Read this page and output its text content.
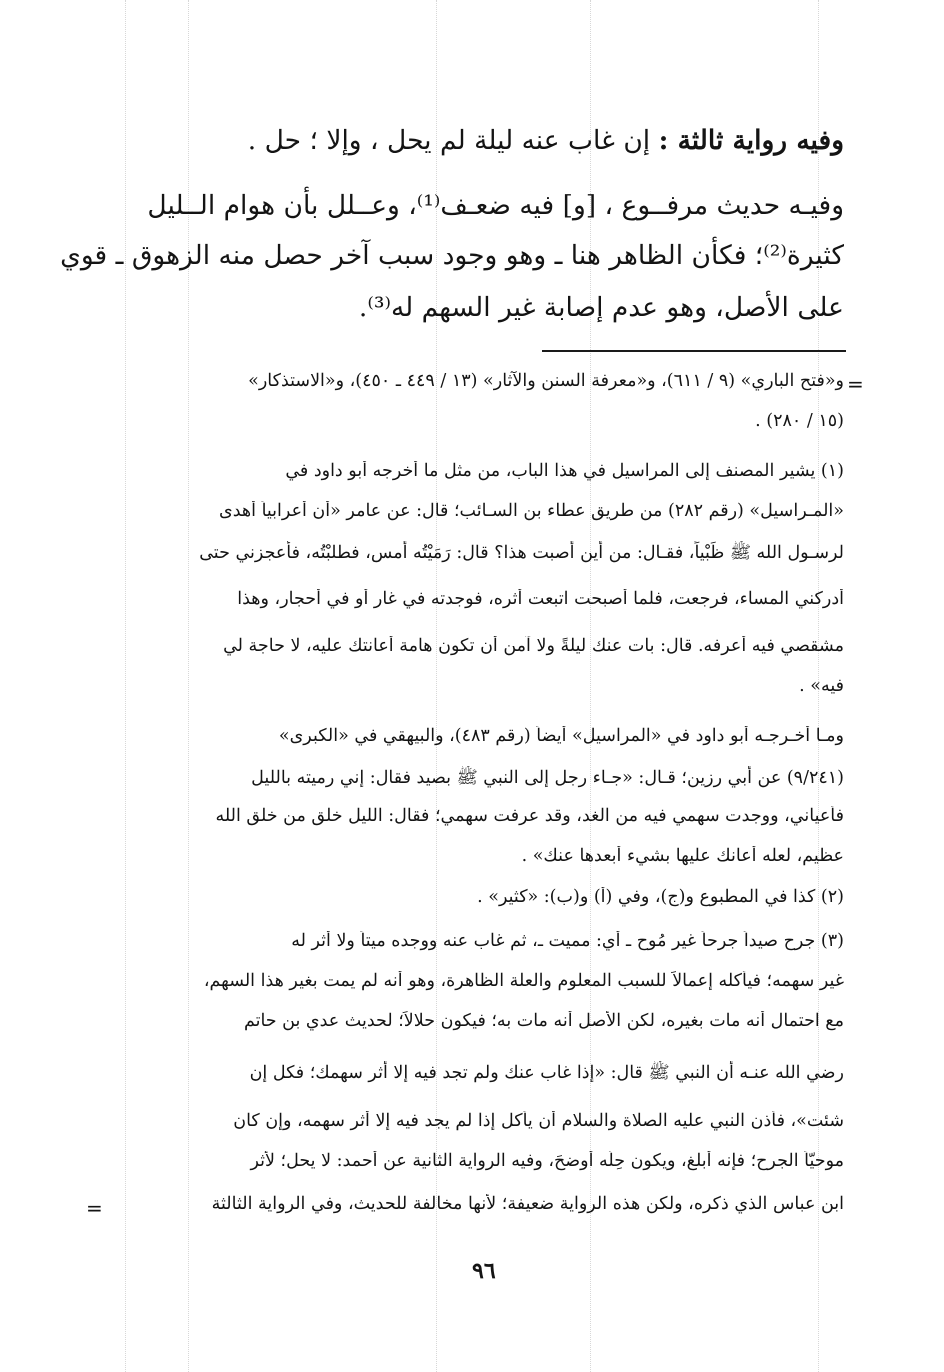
وفيه رواية ثالثة : إن غاب عنه ليلة لم يحل ، وإلا ؛ حل .
وفيـه حديث مرفــوع ، [و] فيه ضعـف⁽¹⁾، وعــلل بأن هوام الــليل
كثيرة⁽²⁾؛ فكأن الظاهر هنا ـ وهو وجود سبب آخر حصل منه الزهوق ـ قوي
على الأصل، وهو عدم إصابة غير السهم له⁽³⁾.
=
و«فتح الباري» (٩ / ٦١١)، و«معرفة السنن والآثار» (١٣ / ٤٤٩ ـ ٤٥٠)، و«الاستذكار»
(١٥ / ٢٨٠) .
(١) يشير المصنف إلى المراسيل في هذا الباب، من مثل ما أخرجه أبو داود في
«المـراسيل» (رقم ٢٨٢) من طريق عطاء بن السـائب؛ قال: عن عامر «أن أعرابياً أهدى
لرسـول الله ﷺ ظَبْياً، فقـال: من أين أصبت هذا؟ قال: رَمَيْتُه أمس، فطلبْتُه، فأعجزني حتى
أدركني المساء، فرجعت، فلما أصبحت اتبعت أثره، فوجدته في غار أو في أحجار، وهذا
مشقصي فيه أعرفه. قال: بات عنك ليلةً ولا آمن أن تكون هامة أعانتك عليه، لا حاجة لي
فيه» .
ومـا أخـرجـه أبو داود في «المراسيل» أيضاً (رقم ٤٨٣)، والبيهقي في «الكبرى»
(٩/٢٤١) عن أبي رزين؛ قـال: «جـاء رجل إلى النبي ﷺ بصيد فقال: إني رميته بالليل
فأعياني، ووجدت سهمي فيه من الغد، وقد عرفت سهمي؛ فقال: الليل خلق من خلق الله
عظيم، لعله أعانك عليها بشيء أبعدها عنك» .
(٢) كذا في المطبوع و(ج)، وفي (أ) و(ب): «كثير» .
(٣) جرح صيداً جرحاً غير مُوحٍ ـ أي: مميت ـ، ثم غاب عنه ووجده ميتاً ولا أثر له
غير سهمه؛ فيأكله إعمالاً للسبب المعلوم والعلة الظاهرة، وهو أنه لم يمت بغير هذا السهم،
مع احتمال أنه مات بغيره، لكن الأصل أنه مات به؛ فيكون حلالاً؛ لحديث عدي بن حاتم
رضي الله عنـه أن النبي ﷺ قال: «إذا غاب عنك ولم تجد فيه إلا أثر سهمك؛ فكل إن
شئت»، فأذن النبي عليه الصلاة والسلام أن يأكل إذا لم يجد فيه إلا أثر سهمه، وإن كان
موحيّاً الجرح؛ فإنه أبلغ، ويكون حِلُّه أوضحَ، وفيه الرواية الثانية عن أحمد: لا يحل؛ لأثر
ابن عباس الذي ذكره، ولكن هذه الرواية ضعيفة؛ لأنها مخالفة للحديث، وفي الرواية الثالثة
=
٩٦
